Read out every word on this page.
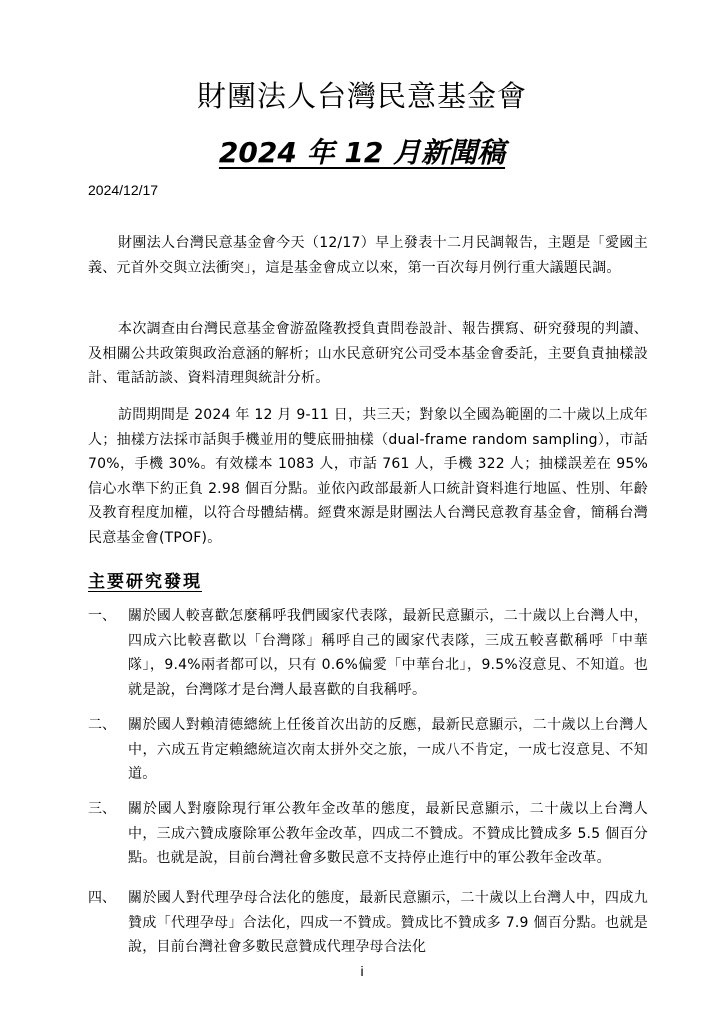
財團法人台灣民意基金會
2024 年 12 月新聞稿
2024/12/17

財團法人台灣民意基金會今天（12/17）早上發表十二月民調報告，主題是「愛國主義、元首外交與立法衝突」，這是基金會成立以來，第一百次每月例行重大議題民調。

本次調查由台灣民意基金會游盈隆教授負責問卷設計、報告撰寫、研究發現的判讀、及相關公共政策與政治意涵的解析；山水民意研究公司受本基金會委託，主要負責抽樣設計、電話訪談、資料清理與統計分析。

訪問期間是 2024 年 12 月 9-11 日，共三天；對象以全國為範圍的二十歲以上成年人；抽樣方法採市話與手機並用的雙底冊抽樣（dual-frame random sampling），市話 70%，手機 30%。有效樣本 1083 人，市話 761 人，手機 322 人；抽樣誤差在 95%信心水準下約正負 2.98 個百分點。並依內政部最新人口統計資料進行地區、性別、年齡及教育程度加權，以符合母體結構。經費來源是財團法人台灣民意教育基金會，簡稱台灣民意基金會(TPOF)。

主要研究發現
一、 關於國人較喜歡怎麼稱呼我們國家代表隊，最新民意顯示，二十歲以上台灣人中，四成六比較喜歡以「台灣隊」稱呼自己的國家代表隊，三成五較喜歡稱呼「中華隊」，9.4%兩者都可以，只有 0.6%偏愛「中華台北」，9.5%沒意見、不知道。也就是說，台灣隊才是台灣人最喜歡的自我稱呼。

二、 關於國人對賴清德總統上任後首次出訪的反應，最新民意顯示，二十歲以上台灣人中，六成五肯定賴總統這次南太拼外交之旅，一成八不肯定，一成七沒意見、不知道。

三、 關於國人對廢除現行軍公教年金改革的態度，最新民意顯示，二十歲以上台灣人中，三成六贊成廢除軍公教年金改革，四成二不贊成。不贊成比贊成多 5.5 個百分點。也就是說，目前台灣社會多數民意不支持停止進行中的軍公教年金改革。

四、 關於國人對代理孕母合法化的態度，最新民意顯示，二十歲以上台灣人中，四成九贊成「代理孕母」合法化，四成一不贊成。贊成比不贊成多 7.9 個百分點。也就是說，目前台灣社會多數民意贊成代理孕母合法化

i
